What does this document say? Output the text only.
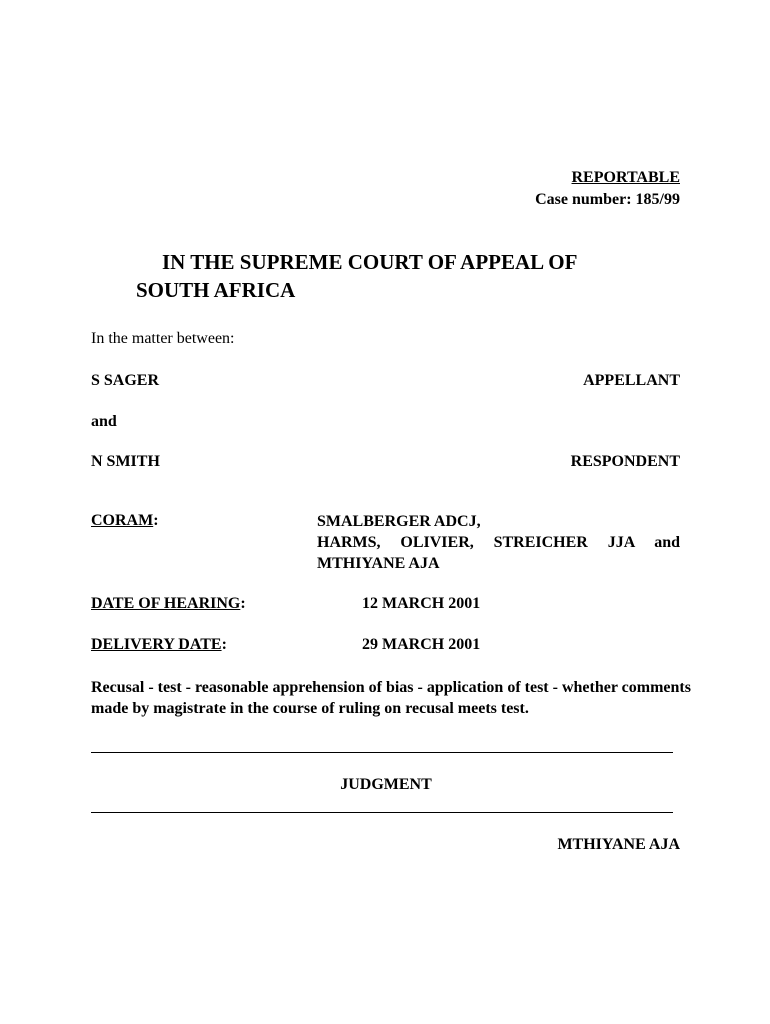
REPORTABLE
Case number: 185/99
IN THE SUPREME COURT OF APPEAL OF
SOUTH AFRICA
In the matter between:
S SAGER	APPELLANT
and
N SMITH	RESPONDENT
CORAM:	SMALBERGER ADCJ,
HARMS, OLIVIER, STREICHER JJA and MTHIYANE AJA
DATE OF HEARING:	12 MARCH 2001
DELIVERY DATE:	29 MARCH 2001
Recusal - test - reasonable apprehension of bias - application of test - whether comments made by magistrate in the course of ruling on recusal meets test.
JUDGMENT
MTHIYANE AJA
